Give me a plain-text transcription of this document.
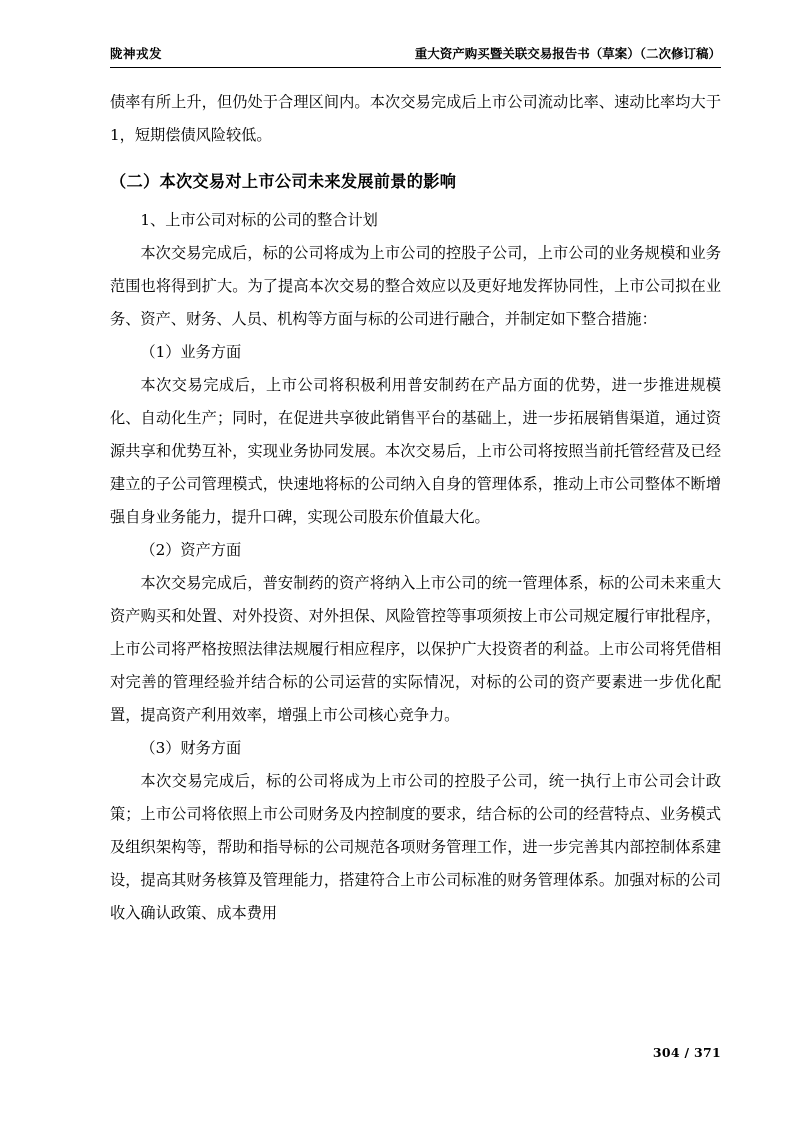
陇神戎发	重大资产购买暨关联交易报告书（草案）（二次修订稿）

债率有所上升，但仍处于合理区间内。本次交易完成后上市公司流动比率、速动比率均大于 1，短期偿债风险较低。

（二）本次交易对上市公司未来发展前景的影响

1、上市公司对标的公司的整合计划

本次交易完成后，标的公司将成为上市公司的控股子公司，上市公司的业务规模和业务范围也将得到扩大。为了提高本次交易的整合效应以及更好地发挥协同性，上市公司拟在业务、资产、财务、人员、机构等方面与标的公司进行融合，并制定如下整合措施：

（1）业务方面

本次交易完成后，上市公司将积极利用普安制药在产品方面的优势，进一步推进规模化、自动化生产；同时，在促进共享彼此销售平台的基础上，进一步拓展销售渠道，通过资源共享和优势互补，实现业务协同发展。本次交易后，上市公司将按照当前托管经营及已经建立的子公司管理模式，快速地将标的公司纳入自身的管理体系，推动上市公司整体不断增强自身业务能力，提升口碑，实现公司股东价值最大化。

（2）资产方面

本次交易完成后，普安制药的资产将纳入上市公司的统一管理体系，标的公司未来重大资产购买和处置、对外投资、对外担保、风险管控等事项须按上市公司规定履行审批程序，上市公司将严格按照法律法规履行相应程序，以保护广大投资者的利益。上市公司将凭借相对完善的管理经验并结合标的公司运营的实际情况，对标的公司的资产要素进一步优化配置，提高资产利用效率，增强上市公司核心竞争力。

（3）财务方面

本次交易完成后，标的公司将成为上市公司的控股子公司，统一执行上市公司会计政策；上市公司将依照上市公司财务及内控制度的要求，结合标的公司的经营特点、业务模式及组织架构等，帮助和指导标的公司规范各项财务管理工作，进一步完善其内部控制体系建设，提高其财务核算及管理能力，搭建符合上市公司标准的财务管理体系。加强对标的公司收入确认政策、成本费用

304 / 371
